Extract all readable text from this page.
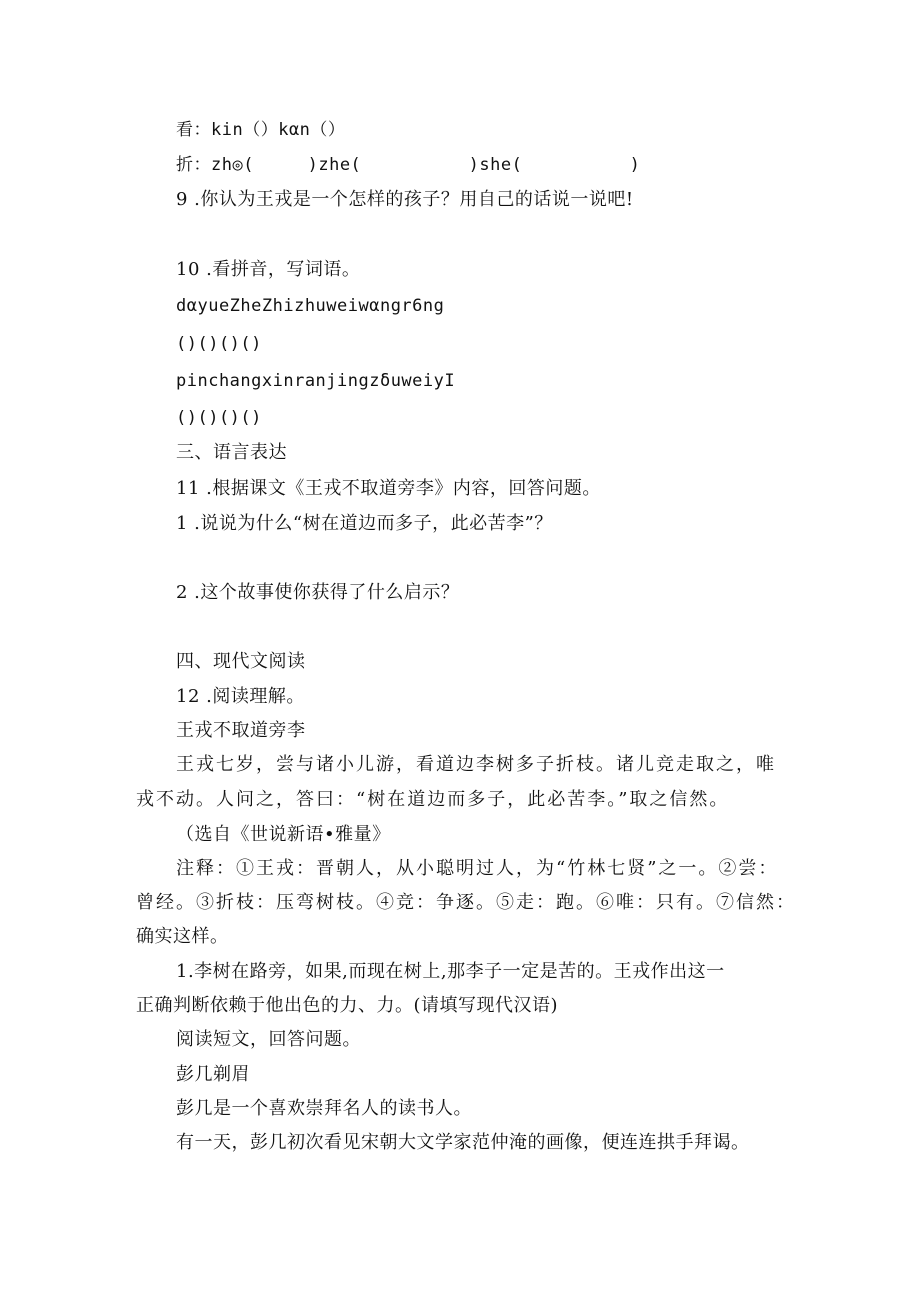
看：kin（）kαn（）
折：zh◎(     )zhe(          )she(          )
9 .你认为王戎是一个怎样的孩子？用自己的话说一说吧!
10 .看拼音，写词语。
dαyueZheZhizhuweiwαngr6ng
()()()()
pinchangxinranjingzδuweiyI
()()()()
三、语言表达
11 .根据课文《王戎不取道旁李》内容，回答问题。
1 .说说为什么“树在道边而多子，此必苦李”？
2 .这个故事使你获得了什么启示？
四、现代文阅读
12 .阅读理解。
王戎不取道旁李
王戎七岁，尝与诸小儿游，看道边李树多子折枝。诸儿竞走取之，唯
戎不动。人问之，答曰：“树在道边而多子，此必苦李。”取之信然。
（选自《世说新语•雅量》
注释：①王戎：晋朝人，从小聪明过人，为“竹林七贤”之一。②尝：
曾经。③折枝：压弯树枝。④竞：争逐。⑤走：跑。⑥唯：只有。⑦信然：
确实这样。
1.李树在路旁，如果,而现在树上,那李子一定是苦的。王戎作出这一
正确判断依赖于他出色的力、力。(请填写现代汉语)
阅读短文，回答问题。
彭几剃眉
彭几是一个喜欢崇拜名人的读书人。
有一天，彭几初次看见宋朝大文学家范仲淹的画像，便连连拱手拜谒。
